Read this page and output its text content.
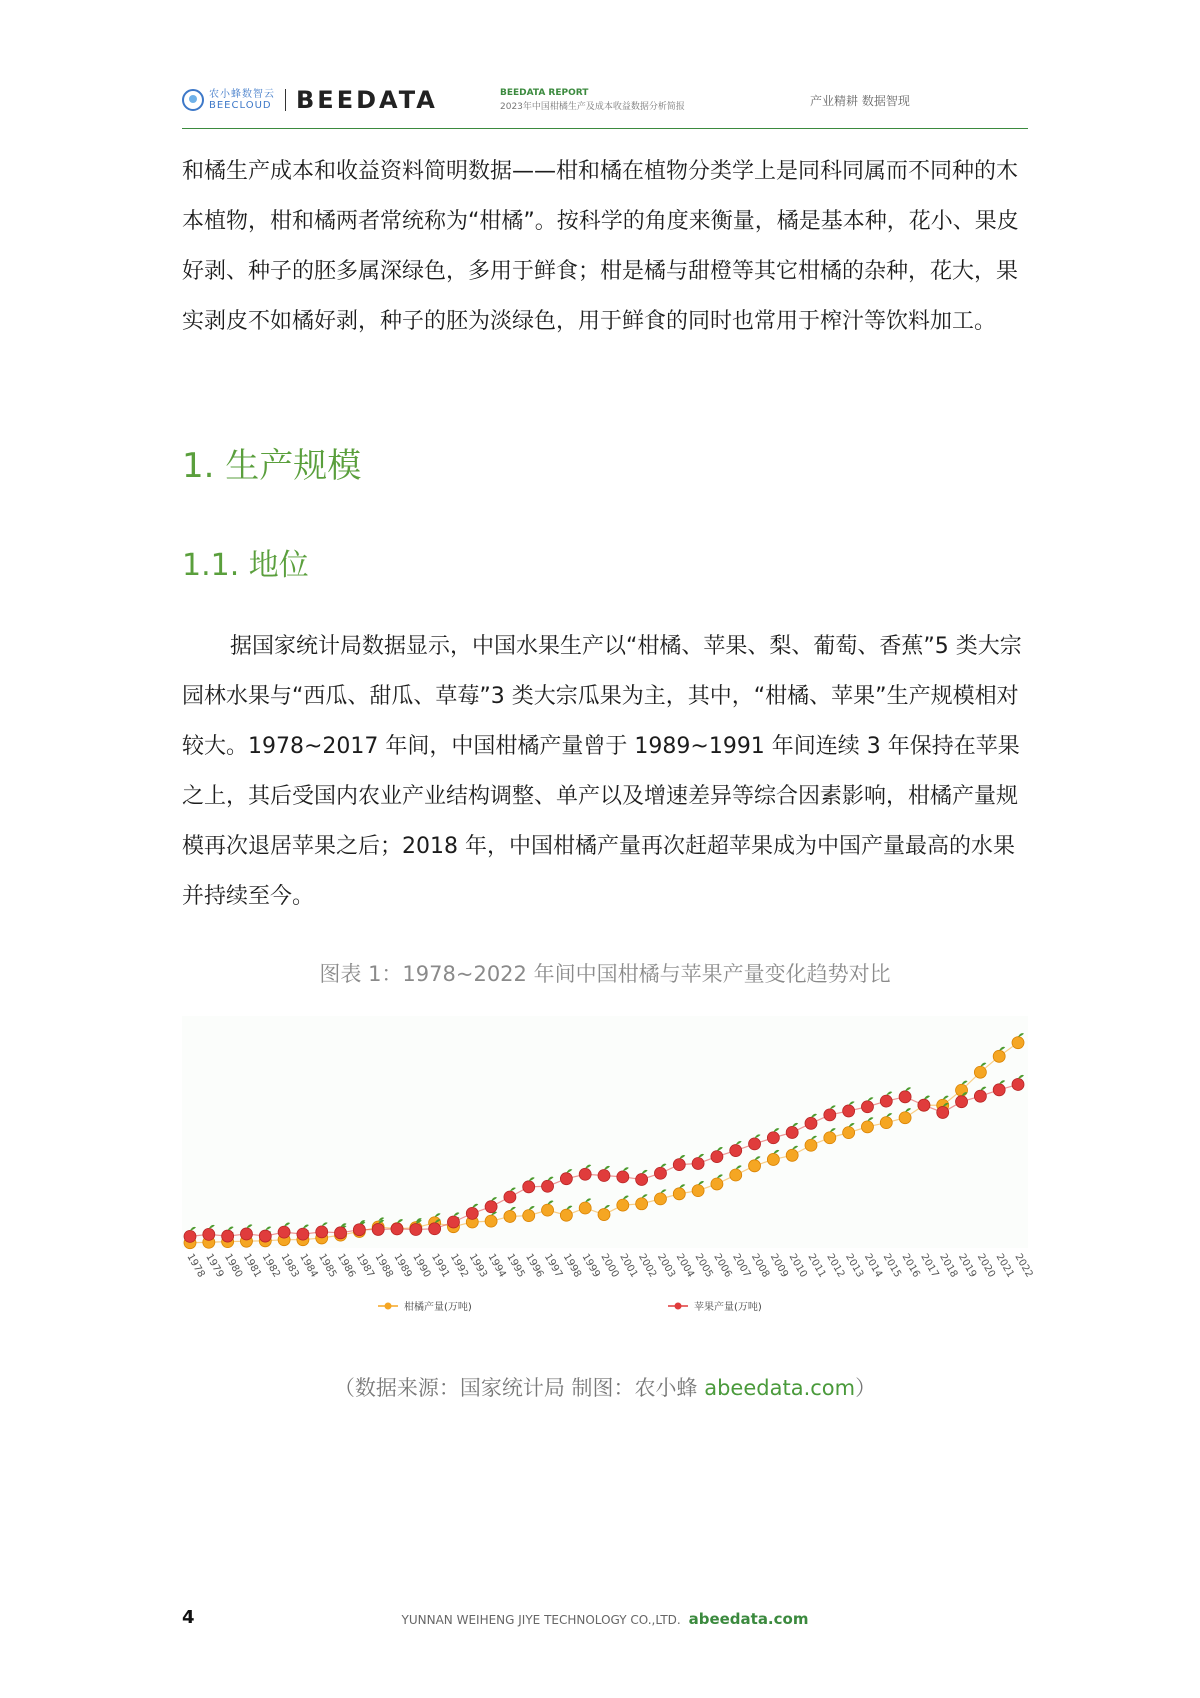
农小蜂数智云
BEECLOUD BEEDATA	BEEDATA REPORT
2023年中国柑橘生产及成本收益数据分析简报	产业精耕 数据智现

和橘生产成本和收益资料简明数据——柑和橘在植物分类学上是同科同属而不同种的木本植物，柑和橘两者常统称为“柑橘”。按科学的角度来衡量，橘是基本种，花小、果皮好剥、种子的胚多属深绿色，多用于鲜食；柑是橘与甜橙等其它柑橘的杂种，花大，果实剥皮不如橘好剥，种子的胚为淡绿色，用于鲜食的同时也常用于榨汁等饮料加工。

1. 生产规模
1.1. 地位

据国家统计局数据显示，中国水果生产以“柑橘、苹果、梨、葡萄、香蕉”5 类大宗园林水果与“西瓜、甜瓜、草莓”3 类大宗瓜果为主，其中，“柑橘、苹果”生产规模相对较大。1978~2017 年间，中国柑橘产量曾于 1989~1991 年间连续 3 年保持在苹果之上，其后受国内农业产业结构调整、单产以及增速差异等综合因素影响，柑橘产量规模再次退居苹果之后；2018 年，中国柑橘产量再次赶超苹果成为中国产量最高的水果并持续至今。

图表 1：1978~2022 年间中国柑橘与苹果产量变化趋势对比
1978
1979
1980
1981
1982
1983
1984
1985
1986
1987
1988
1989
1990
1991
1992
1993
1994
1995
1996
1997
1998
1999
2000
2001
2002
2003
2004
2005
2006
2007
2008
2009
2010
2011
2012
2013
2014
2015
2016
2017
2018
2019
2020
2021
2022
柑橘产量(万吨)	苹果产量(万吨)
（数据来源：国家统计局 制图：农小蜂 abeedata.com）
4	YUNNAN WEIHENG JIYE TECHNOLOGY CO.,LTD. abeedata.com
